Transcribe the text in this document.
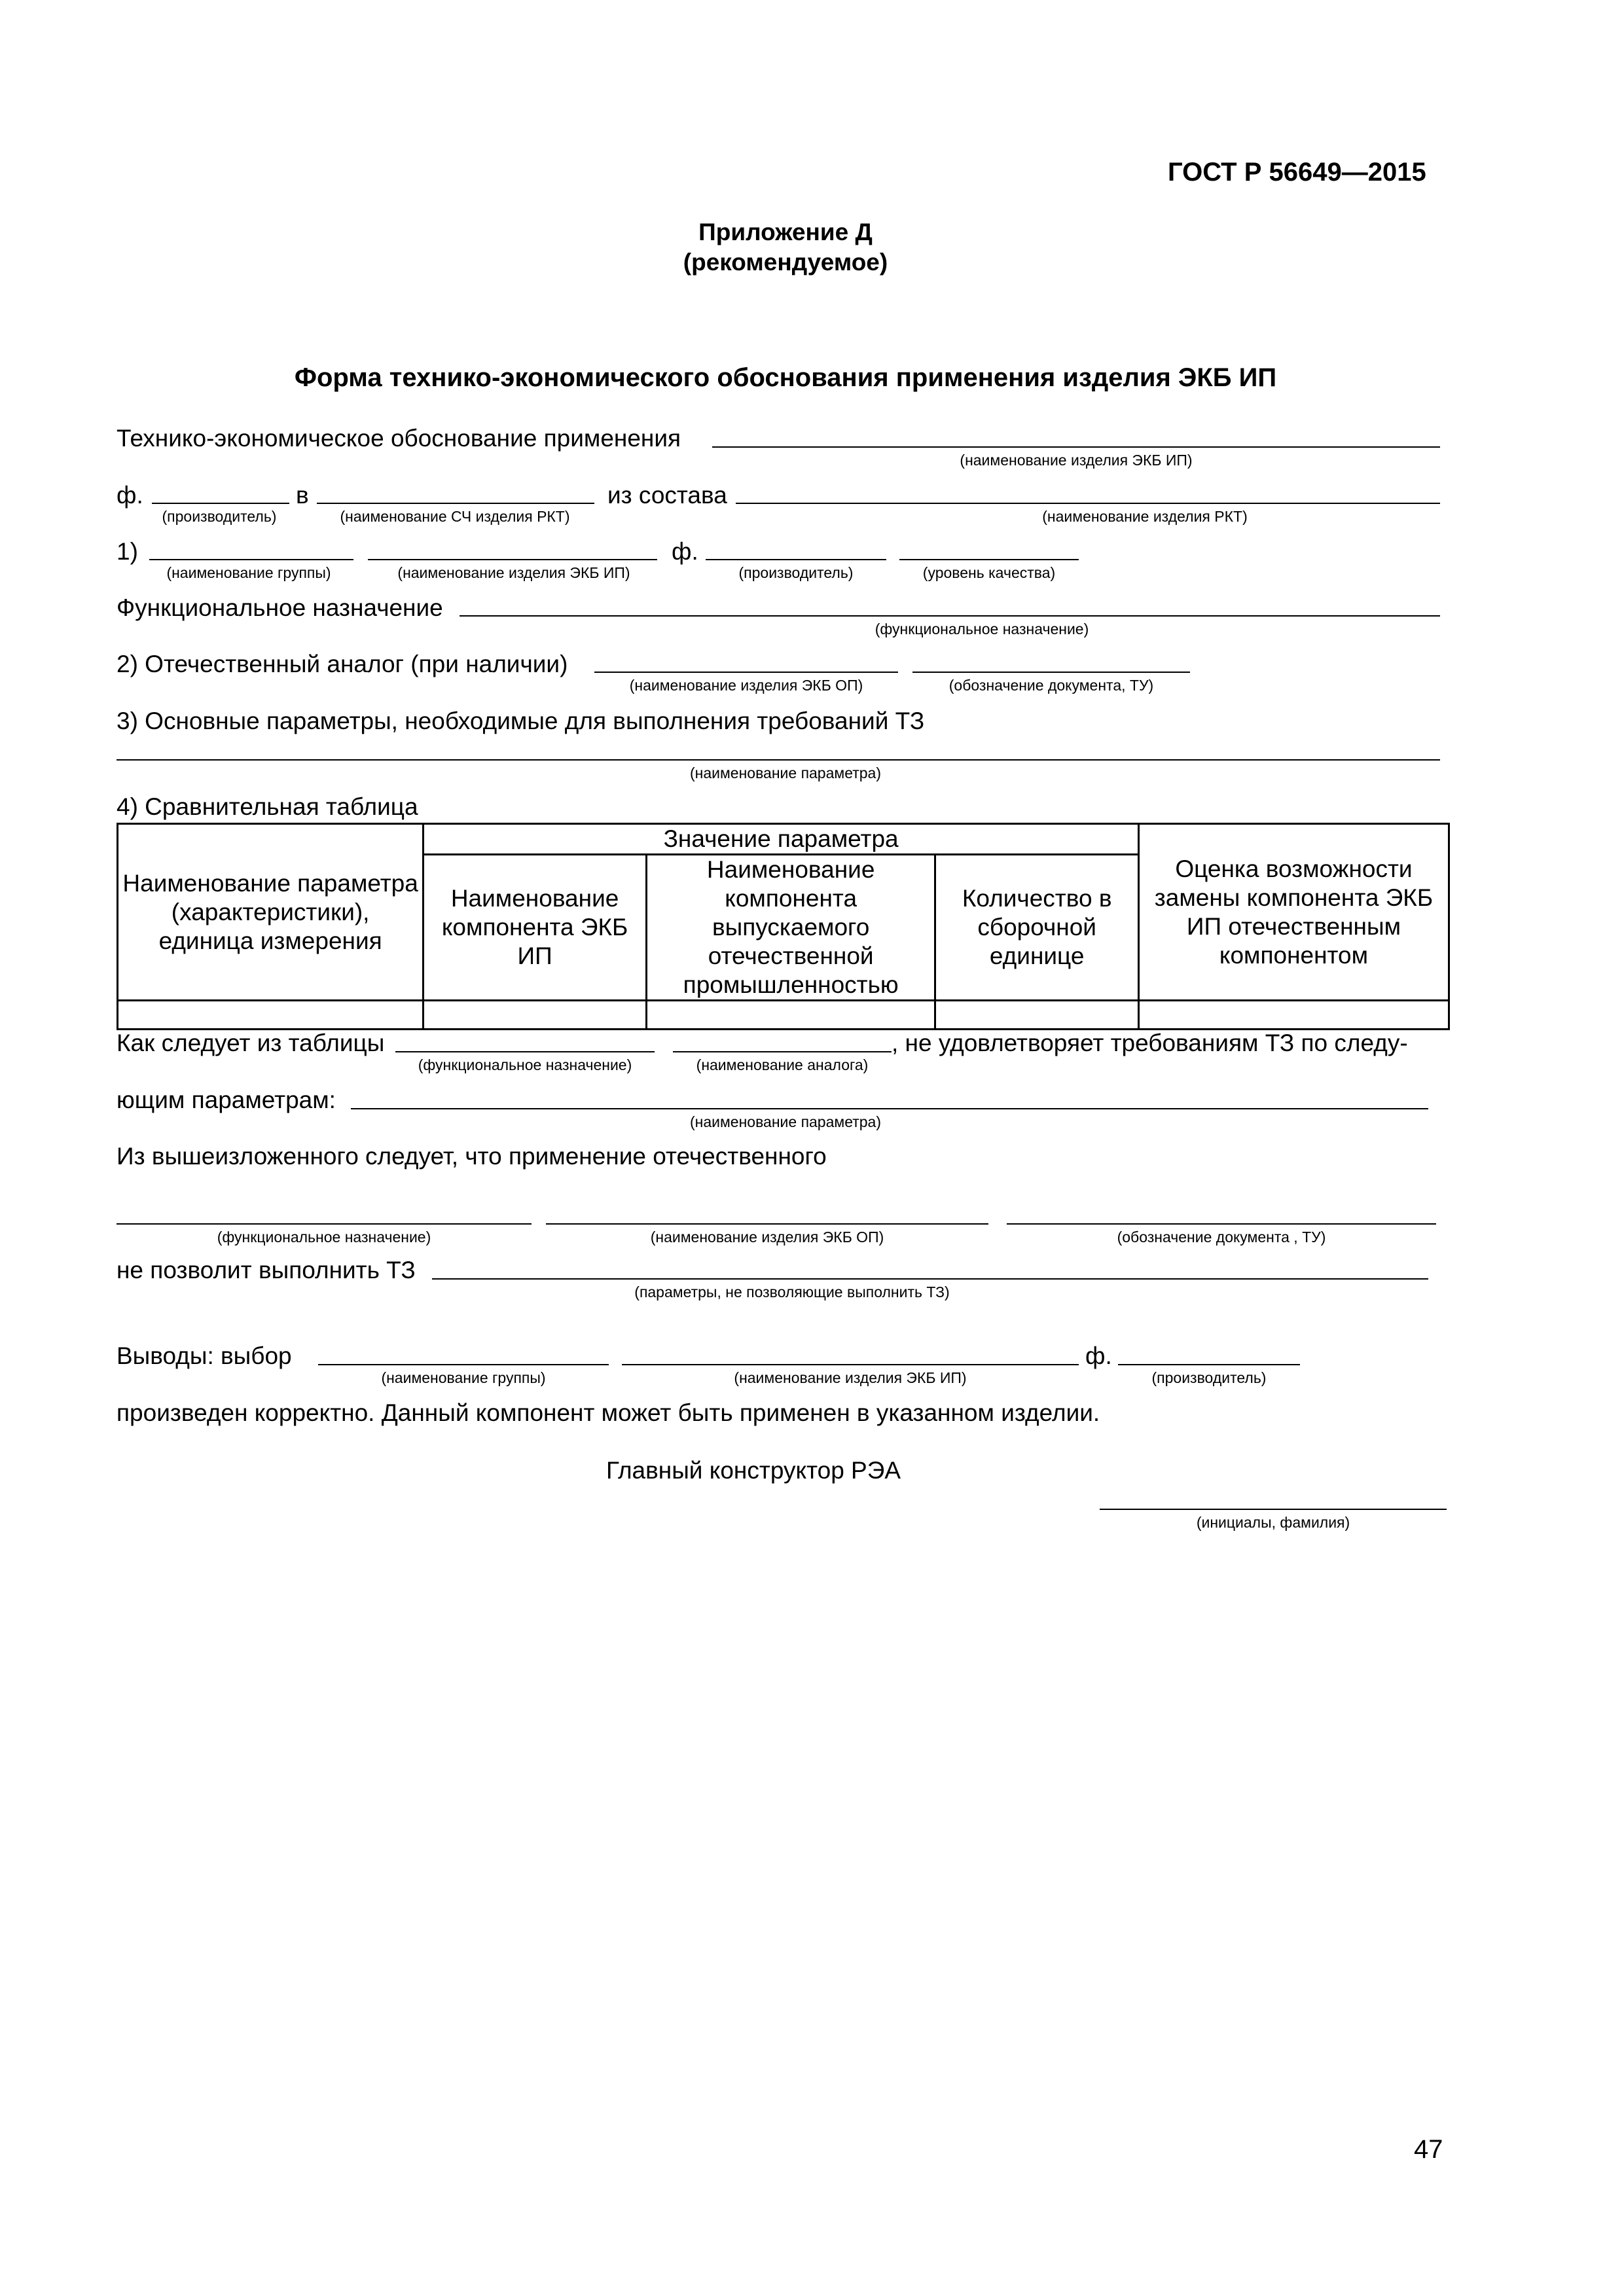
ГОСТ Р 56649—2015
Приложение Д
(рекомендуемое)
Форма технико-экономического обоснования применения изделия ЭКБ ИП
Технико-экономическое обоснование применения
(наименование изделия ЭКБ ИП)
ф.
(производитель)
в
(наименование СЧ изделия РКТ)
из состава
(наименование изделия РКТ)
1)
(наименование группы)	(наименование изделия ЭКБ ИП)
ф.
(производитель)	(уровень качества)
Функциональное назначение
(функциональное назначение)
2) Отечественный аналог (при наличии)
(наименование изделия ЭКБ ОП)	(обозначение документа, ТУ)
3) Основные параметры, необходимые для выполнения требований ТЗ
(наименование параметра)
4) Сравнительная таблица
Наименование параметра (характеристики), единица измерения	Значение параметра			Оценка возможности замены компонента ЭКБ ИП отечественным компонентом
	Наименование компонента ЭКБ ИП	Наименование компонента выпускаемого отечественной промышленностью	Количество в сборочной единице	

Как следует из таблицы
(функциональное назначение)	(наименование аналога)
, не удовлетворяет требованиям ТЗ по следу-
ющим параметрам:
(наименование параметра)
Из вышеизложенного следует, что применение отечественного
(функциональное назначение)	(наименование изделия ЭКБ ОП)	(обозначение документа , ТУ)
не позволит выполнить ТЗ
(параметры, не позволяющие выполнить ТЗ)
Выводы: выбор
(наименование группы)	(наименование изделия ЭКБ ИП)
ф.
(производитель)
произведен корректно. Данный компонент может быть применен в указанном изделии.
Главный конструктор РЭА
(инициалы, фамилия)
47
